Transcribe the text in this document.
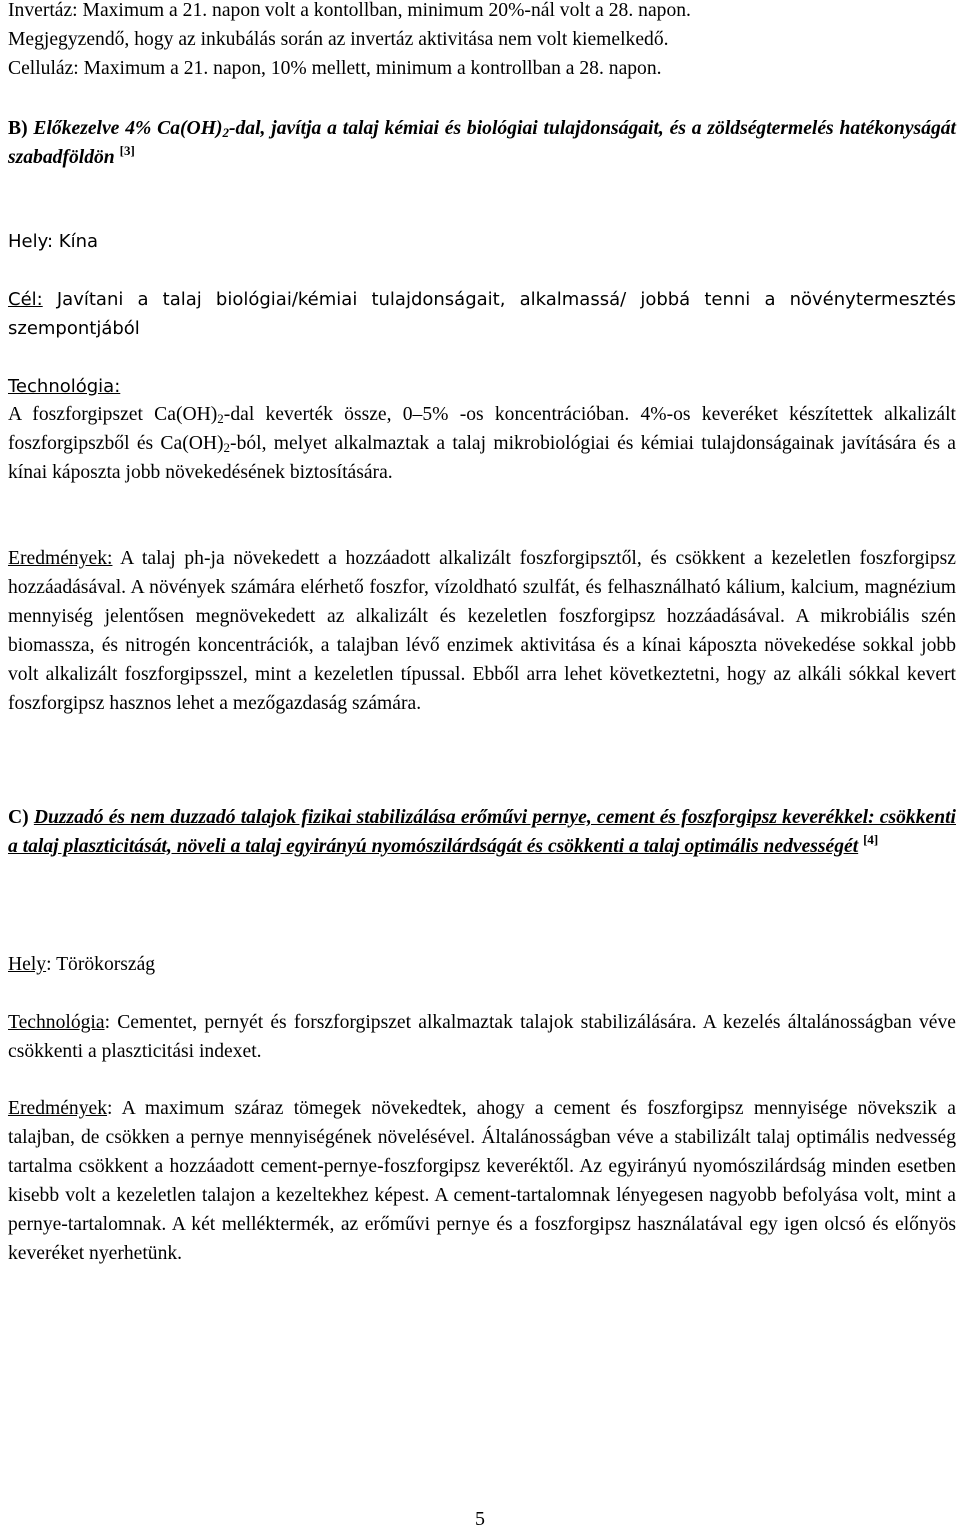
Invertáz: Maximum a 21. napon volt a kontollban, minimum 20%-nál volt a 28. napon.

Megjegyzendő, hogy az inkubálás során az invertáz aktivitása nem volt kiemelkedő.

Celluláz: Maximum a 21. napon, 10% mellett, minimum a kontrollban a 28. napon.

B) Előkezelve 4% $Ca(OH)_2$-dal, javítja a talaj kémiai és biológiai tulajdonságait, és a zöldségtermelés hatékonyságát szabadföldön [3]

Hely: Kína

Cél: Javítani a talaj biológiai/kémiai tulajdonságait, alkalmassá/ jobbá tenni a növénytermesztés szempontjából

Technológia:

A foszforgipszet $Ca(OH)_2$-dal keverték össze, 0–5% -os koncentrációban. 4%-os keveréket készítettek alkalizált foszforgipszből és $Ca(OH)_2$-ból, melyet alkalmaztak a talaj mikrobiológiai és kémiai tulajdonságainak javítására és a kínai káposzta jobb növekedésének biztosítására.

Eredmények: A talaj ph-ja növekedett a hozzáadott alkalizált foszforgipsztől, és csökkent a kezeletlen foszforgipsz hozzáadásával. A növények számára elérhető foszfor, vízoldható szulfát, és felhasználható kálium, kalcium, magnézium mennyiség jelentősen megnövekedett az alkalizált és kezeletlen foszforgipsz hozzáadásával. A mikrobiális szén biomassza, és nitrogén koncentrációk, a talajban lévő enzimek aktivitása és a kínai káposzta növekedése sokkal jobb volt alkalizált foszforgipsszel, mint a kezeletlen típussal. Ebből arra lehet következtetni, hogy az alkáli sókkal kevert foszforgipsz hasznos lehet a mezőgazdaság számára.

C) Duzzadó és nem duzzadó talajok fizikai stabilizálása erőművi pernye, cement és foszforgipsz keverékkel: csökkenti a talaj plaszticitását, növeli a talaj egyirányú nyomószilárdságát és csökkenti a talaj optimális nedvességét [4]

Hely: Törökország

Technológia: Cementet, pernyét és forszforgipszet alkalmaztak talajok stabilizálására. A kezelés általánosságban véve csökkenti a plaszticitási indexet.

Eredmények: A maximum száraz tömegek növekedtek, ahogy a cement és foszforgipsz mennyisége növekszik a talajban, de csökken a pernye mennyiségének növelésével. Általánosságban véve a stabilizált talaj optimális nedvesség tartalma csökkent a hozzáadott cement-pernye-foszforgipsz keveréktől. Az egyirányú nyomószilárdság minden esetben kisebb volt a kezeletlen talajon a kezeltekhez képest. A cement-tartalomnak lényegesen nagyobb befolyása volt, mint a pernye-tartalomnak. A két melléktermék, az erőművi pernye és a foszforgipsz használatával egy igen olcsó és előnyös keveréket nyerhetünk.

5
